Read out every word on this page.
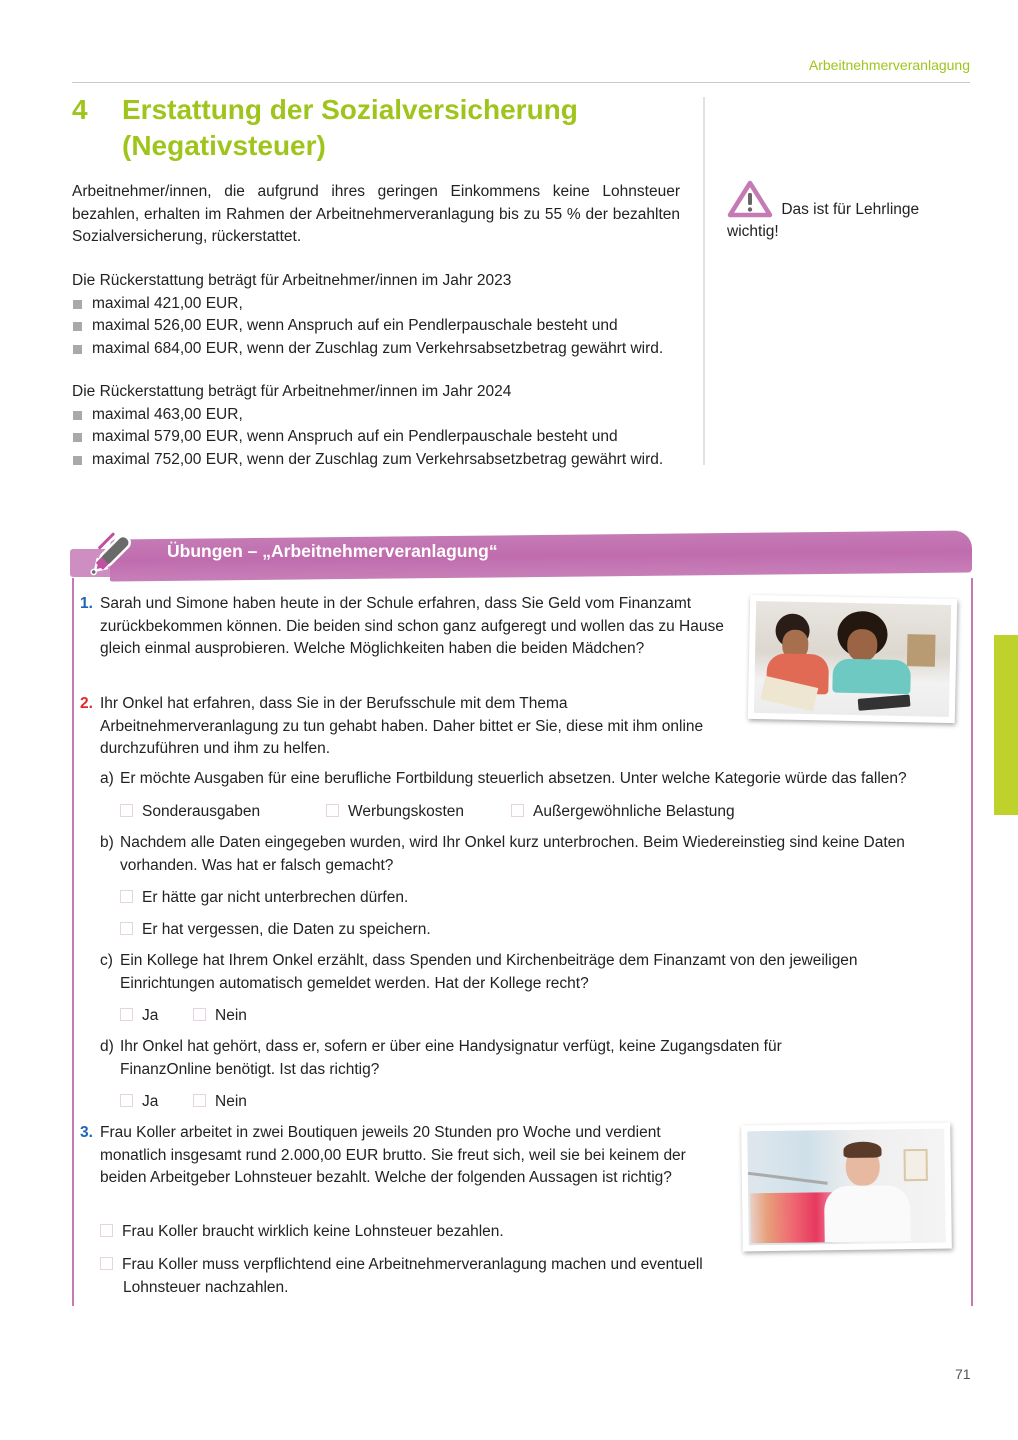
Arbeitnehmerveranlagung
4 Erstattung der Sozialversicherung (Negativsteuer)

Arbeitnehmer/innen, die aufgrund ihres geringen Einkommens keine Lohnsteuer bezahlen, erhalten im Rahmen der Arbeitnehmerveranlagung bis zu 55 % der bezahlten Sozialversicherung, rückerstattet.

Die Rückerstattung beträgt für Arbeitnehmer/innen im Jahr 2023
maximal 421,00 EUR,
maximal 526,00 EUR, wenn Anspruch auf ein Pendlerpauschale besteht und
maximal 684,00 EUR, wenn der Zuschlag zum Verkehrsabsetzbetrag gewährt wird.
Die Rückerstattung beträgt für Arbeitnehmer/innen im Jahr 2024
maximal 463,00 EUR,
maximal 579,00 EUR, wenn Anspruch auf ein Pendlerpauschale besteht und
maximal 752,00 EUR, wenn der Zuschlag zum Verkehrsabsetzbetrag gewährt wird.
Das ist für Lehrlinge wichtig!
Übungen – „Arbeitnehmerveranlagung“
1. Sarah und Simone haben heute in der Schule erfahren, dass Sie Geld vom Finanzamt zurückbekommen können. Die beiden sind schon ganz aufgeregt und wollen das zu Hause gleich einmal ausprobieren. Welche Möglichkeiten haben die beiden Mädchen?
2. Ihr Onkel hat erfahren, dass Sie in der Berufsschule mit dem Thema Arbeitnehmerveranlagung zu tun gehabt haben. Daher bittet er Sie, diese mit ihm online durchzuführen und ihm zu helfen.
a) Er möchte Ausgaben für eine berufliche Fortbildung steuerlich absetzen. Unter welche Kategorie würde das fallen?
Sonderausgaben	Werbungskosten	Außergewöhnliche Belastung
b) Nachdem alle Daten eingegeben wurden, wird Ihr Onkel kurz unterbrochen. Beim Wiedereinstieg sind keine Daten vorhanden. Was hat er falsch gemacht?
Er hätte gar nicht unterbrechen dürfen.
Er hat vergessen, die Daten zu speichern.
c) Ein Kollege hat Ihrem Onkel erzählt, dass Spenden und Kirchenbeiträge dem Finanzamt von den jeweiligen Einrichtungen automatisch gemeldet werden. Hat der Kollege recht?
Ja	Nein
d) Ihr Onkel hat gehört, dass er, sofern er über eine Handysignatur verfügt, keine Zugangsdaten für FinanzOnline benötigt. Ist das richtig?
Ja	Nein
3. Frau Koller arbeitet in zwei Boutiquen jeweils 20 Stunden pro Woche und verdient monatlich insgesamt rund 2.000,00 EUR brutto. Sie freut sich, weil sie bei keinem der beiden Arbeitgeber Lohnsteuer bezahlt. Welche der folgenden Aussagen ist richtig?
Frau Koller braucht wirklich keine Lohnsteuer bezahlen.
Frau Koller muss verpflichtend eine Arbeitnehmerveranlagung machen und eventuell Lohnsteuer nachzahlen.
71
